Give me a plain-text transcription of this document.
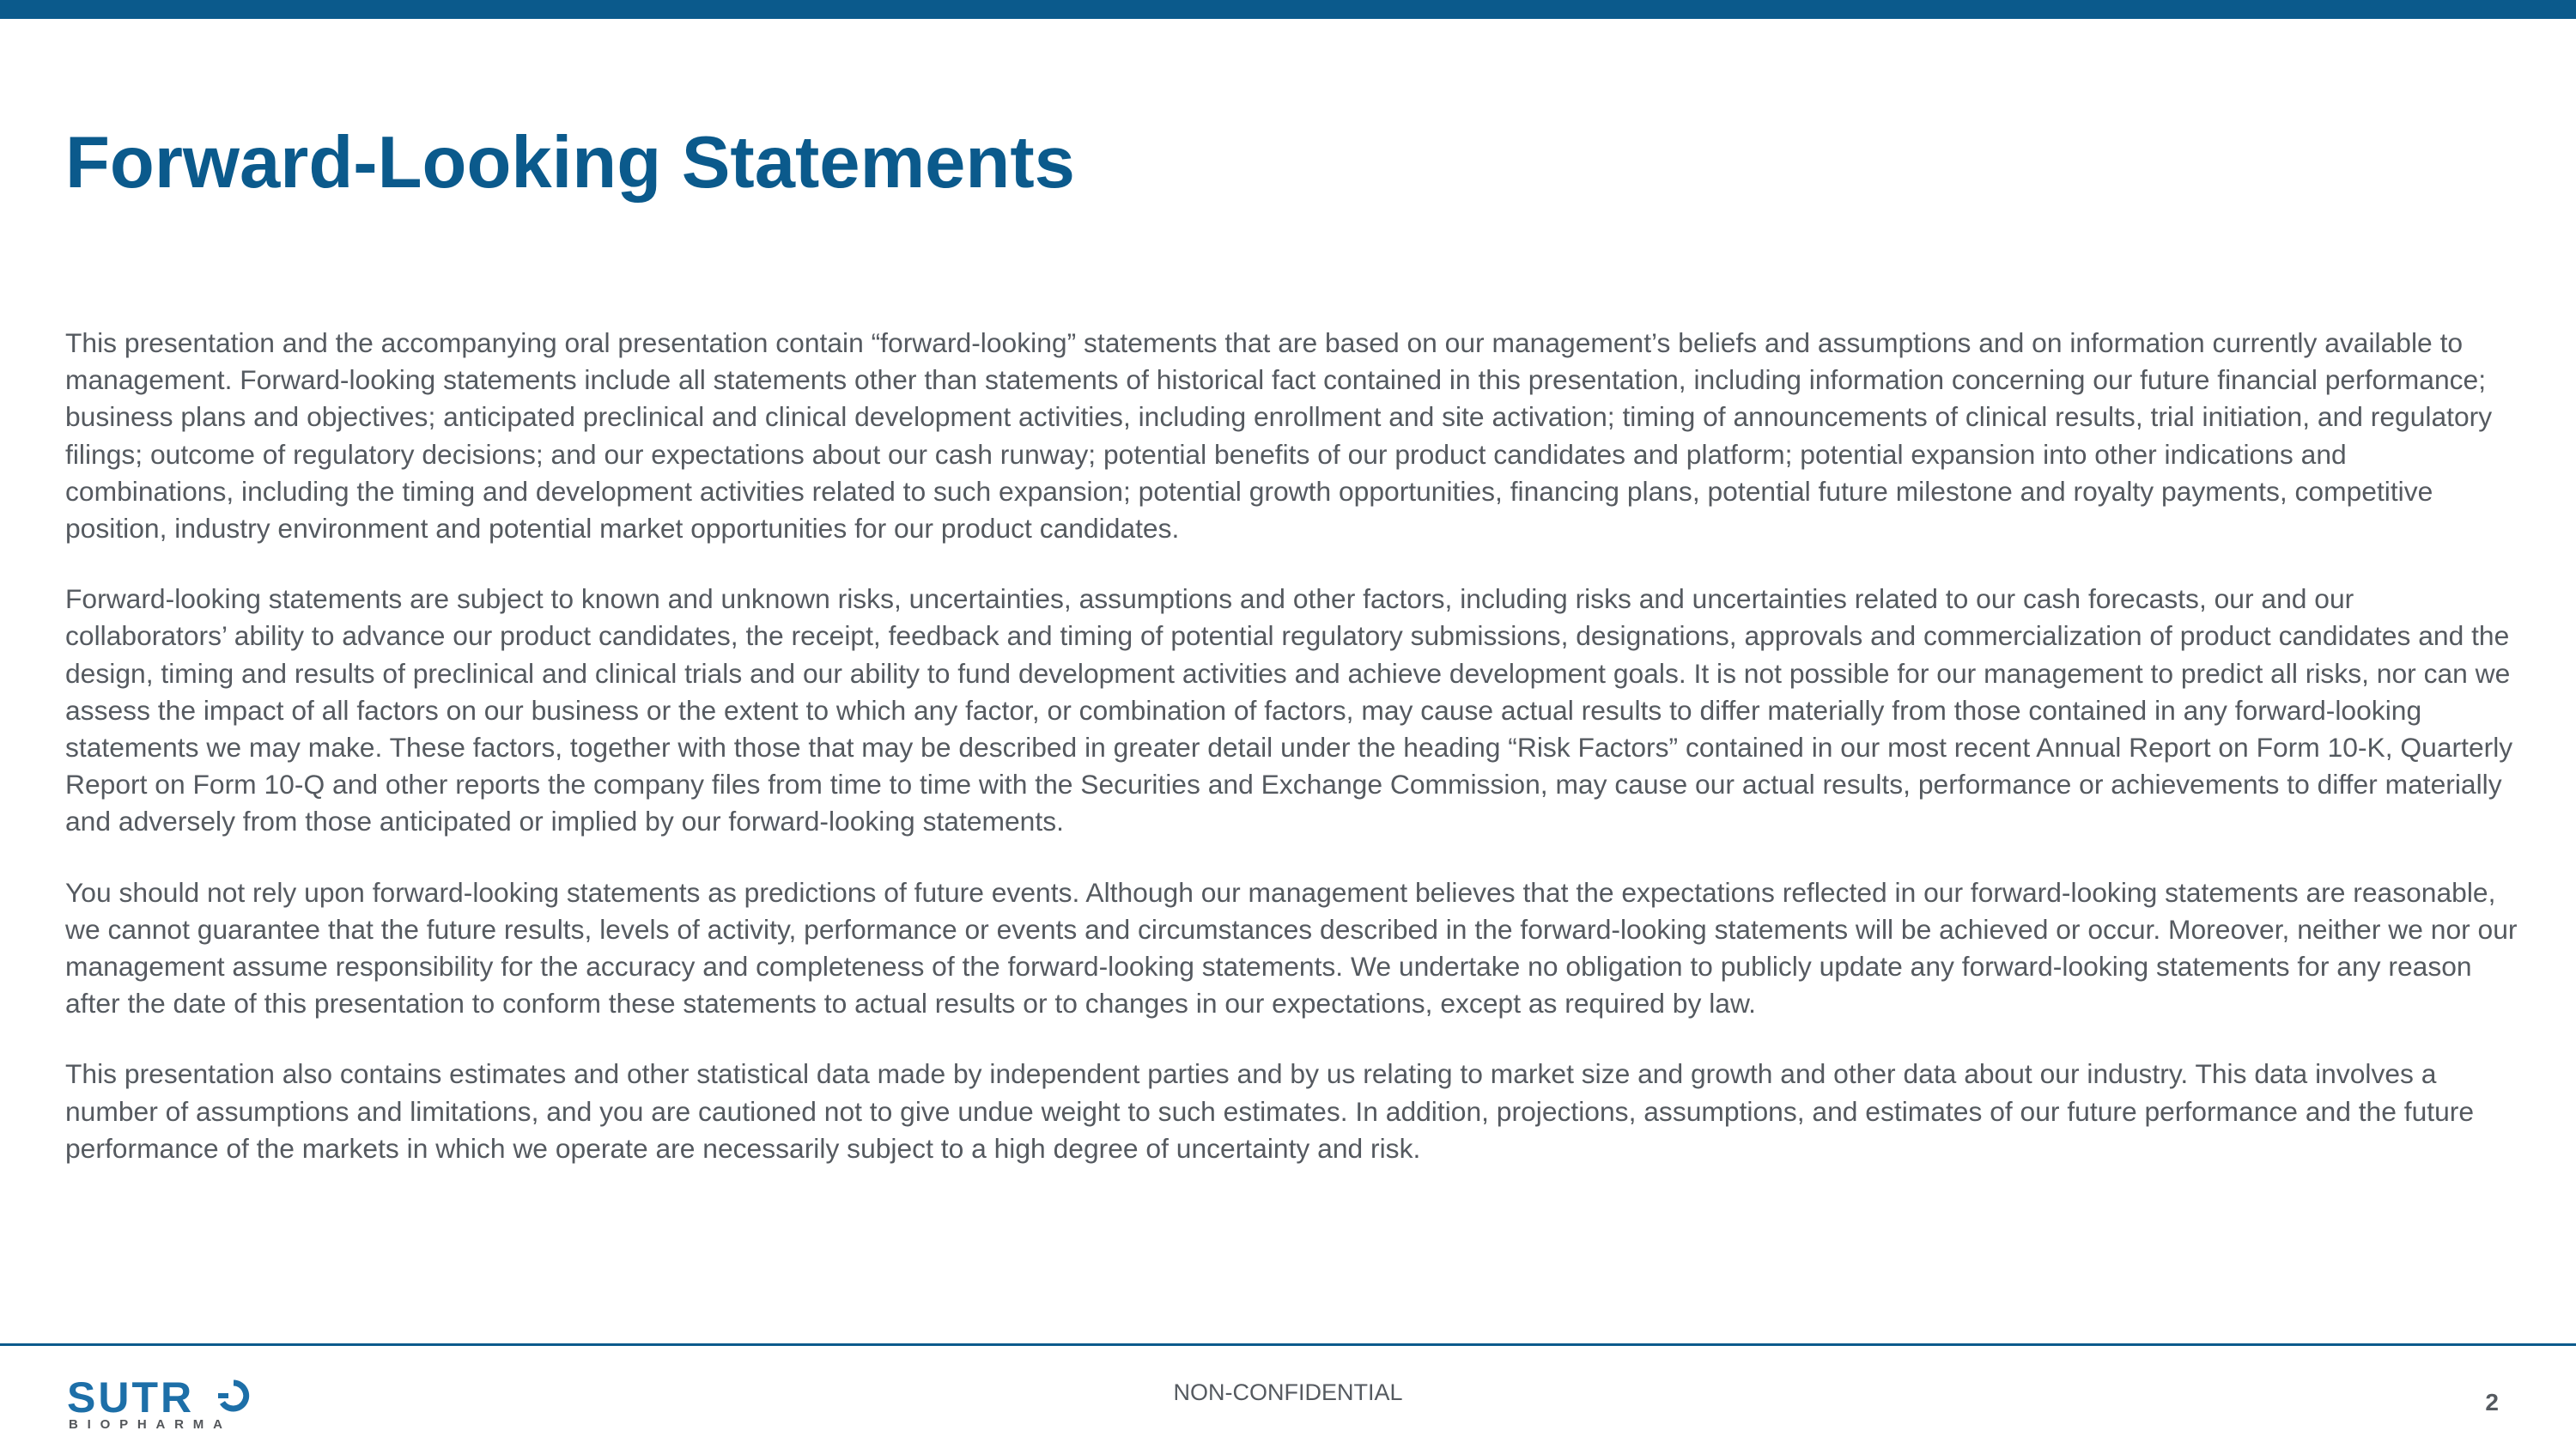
Forward-Looking Statements

This presentation and the accompanying oral presentation contain “forward-looking” statements that are based on our management’s beliefs and assumptions and on information currently available to management. Forward-looking statements include all statements other than statements of historical fact contained in this presentation, including information concerning our future financial performance; business plans and objectives; anticipated preclinical and clinical development activities, including enrollment and site activation; timing of announcements of clinical results, trial initiation, and regulatory filings; outcome of regulatory decisions; and our expectations about our cash runway; potential benefits of our product candidates and platform; potential expansion into other indications and combinations, including the timing and development activities related to such expansion; potential growth opportunities, financing plans, potential future milestone and royalty payments, competitive position, industry environment and potential market opportunities for our product candidates.

Forward-looking statements are subject to known and unknown risks, uncertainties, assumptions and other factors, including risks and uncertainties related to our cash forecasts, our and our collaborators’ ability to advance our product candidates, the receipt, feedback and timing of potential regulatory submissions, designations, approvals and commercialization of product candidates and the design, timing and results of preclinical and clinical trials and our ability to fund development activities and achieve development goals. It is not possible for our management to predict all risks, nor can we assess the impact of all factors on our business or the extent to which any factor, or combination of factors, may cause actual results to differ materially from those contained in any forward-looking statements we may make. These factors, together with those that may be described in greater detail under the heading “Risk Factors” contained in our most recent Annual Report on Form 10-K, Quarterly Report on Form 10-Q and other reports the company files from time to time with the Securities and Exchange Commission, may cause our actual results, performance or achievements to differ materially and adversely from those anticipated or implied by our forward-looking statements.

You should not rely upon forward-looking statements as predictions of future events. Although our management believes that the expectations reflected in our forward-looking statements are reasonable, we cannot guarantee that the future results, levels of activity, performance or events and circumstances described in the forward-looking statements will be achieved or occur. Moreover, neither we nor our management assume responsibility for the accuracy and completeness of the forward-looking statements. We undertake no obligation to publicly update any forward-looking statements for any reason after the date of this presentation to conform these statements to actual results or to changes in our expectations, except as required by law.

This presentation also contains estimates and other statistical data made by independent parties and by us relating to market size and growth and other data about our industry. This data involves a number of assumptions and limitations, and you are cautioned not to give undue weight to such estimates. In addition, projections, assumptions, and estimates of our future performance and the future performance of the markets in which we operate are necessarily subject to a high degree of uncertainty and risk.

SUTR
BIOPHARMA
NON-CONFIDENTIAL	2
